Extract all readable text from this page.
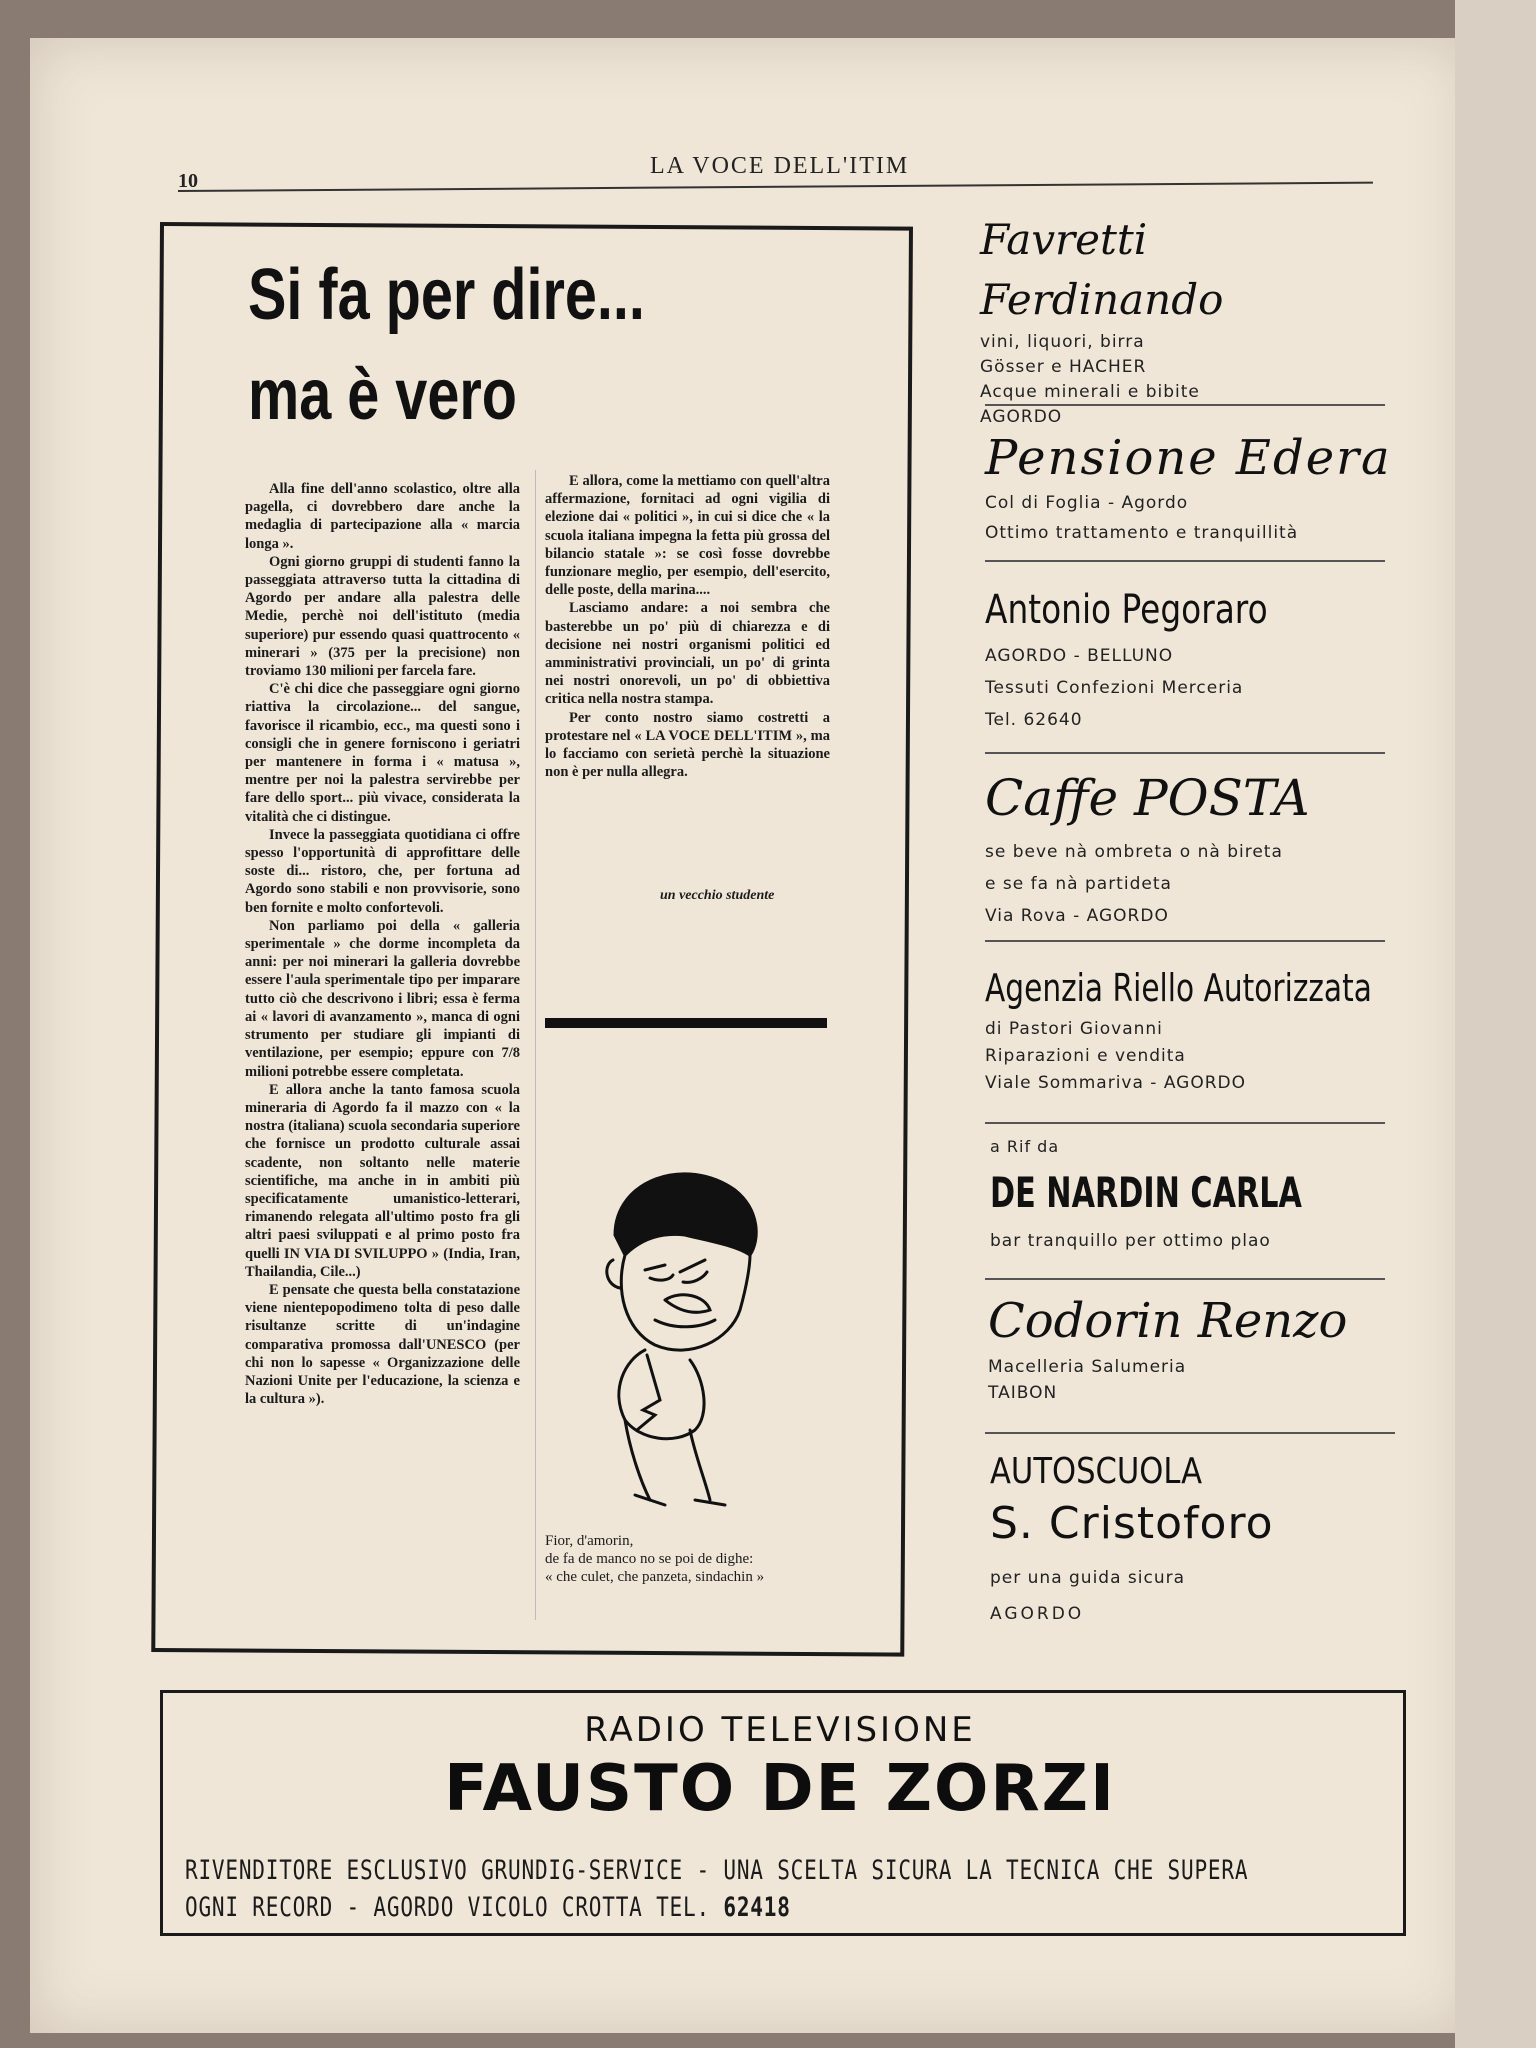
10
LA VOCE DELL'ITIM
Si fa per dire...
ma è vero

Alla fine dell'anno scolastico, oltre alla pagella, ci dovrebbero dare anche la medaglia di partecipazione alla « marcia longa ».

Ogni giorno gruppi di studenti fanno la passeggiata attraverso tutta la cittadina di Agordo per andare alla palestra delle Medie, perchè noi dell'istituto (media superiore) pur essendo quasi quattrocento « minerari » (375 per la precisione) non troviamo 130 milioni per farcela fare.

C'è chi dice che passeggiare ogni giorno riattiva la circolazione... del sangue, favorisce il ricambio, ecc., ma questi sono i consigli che in genere forniscono i geriatri per mantenere in forma i « matusa », mentre per noi la palestra servirebbe per fare dello sport... più vivace, considerata la vitalità che ci distingue.

Invece la passeggiata quotidiana ci offre spesso l'opportunità di approfittare delle soste di... ristoro, che, per fortuna ad Agordo sono stabili e non provvisorie, sono ben fornite e molto confortevoli.

Non parliamo poi della « galleria sperimentale » che dorme incompleta da anni: per noi minerari la galleria dovrebbe essere l'aula sperimentale tipo per imparare tutto ciò che descrivono i libri; essa è ferma ai « lavori di avanzamento », manca di ogni strumento per studiare gli impianti di ventilazione, per esempio; eppure con 7/8 milioni potrebbe essere completata.

E allora anche la tanto famosa scuola mineraria di Agordo fa il mazzo con « la nostra (italiana) scuola secondaria superiore che fornisce un prodotto culturale assai scadente, non soltanto nelle materie scientifiche, ma anche in in ambiti più specificatamente umanistico-letterari, rimanendo relegata all'ultimo posto fra gli altri paesi sviluppati e al primo posto fra quelli IN VIA DI SVILUPPO » (India, Iran, Thailandia, Cile...)

E pensate che questa bella constatazione viene nientepopodimeno tolta di peso dalle risultanze scritte di un'indagine comparativa promossa dall'UNESCO (per chi non lo sapesse « Organizzazione delle Nazioni Unite per l'educazione, la scienza e la cultura »).

E allora, come la mettiamo con quell'altra affermazione, fornitaci ad ogni vigilia di elezione dai « politici », in cui si dice che « la scuola italiana impegna la fetta più grossa del bilancio statale »: se così fosse dovrebbe funzionare meglio, per esempio, dell'esercito, delle poste, della marina....

Lasciamo andare: a noi sembra che basterebbe un po' più di chiarezza e di decisione nei nostri organismi politici ed amministrativi provinciali, un po' di grinta nei nostri onorevoli, un po' di obbiettiva critica nella nostra stampa.

Per conto nostro siamo costretti a protestare nel « LA VOCE DELL'ITIM », ma lo facciamo con serietà perchè la situazione non è per nulla allegra.

un vecchio studente
Fior, d'amorin,
de fa de manco no se poi de dighe:
« che culet, che panzeta, sindachin »
Favretti Ferdinando
vini, liquori, birra
Gösser e HACHER
Acque minerali e bibite
AGORDO
Pensione Edera
Col di Foglia - Agordo
Ottimo trattamento e tranquillità
Antonio Pegoraro
AGORDO - BELLUNO
Tessuti Confezioni Merceria
Tel. 62640
Caffe POSTA
se beve nà ombreta o nà bireta
e se fa nà partideta
Via Rova - AGORDO
Agenzia Riello Autorizzata
di Pastori Giovanni
Riparazioni e vendita
Viale Sommariva - AGORDO
a Rif da
DE NARDIN CARLA
bar tranquillo per ottimo plao
Codorin Renzo
Macelleria Salumeria
TAIBON
AUTOSCUOLA
S. Cristoforo
per una guida sicura
AGORDO
RADIO TELEVISIONE
FAUSTO DE ZORZI
RIVENDITORE ESCLUSIVO GRUNDIG-SERVICE - UNA SCELTA SICURA LA TECNICA CHE SUPERA
OGNI RECORD - AGORDO VICOLO CROTTA TEL. 62418
